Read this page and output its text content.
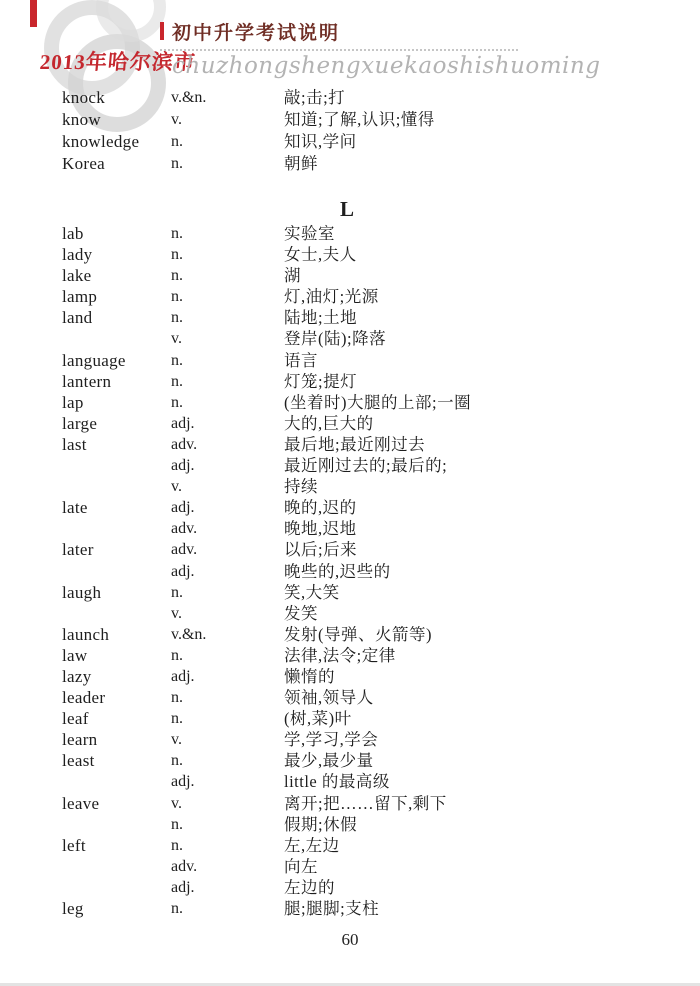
2013年哈尔滨市
初中升学考试说明
chuzhongshengxuekaoshishuoming
knock	v.&n.	敲;击;打
know	v.	知道;了解,认识;懂得
knowledge n.	知识,学问
Korea	n.	朝鲜
L
lab	n.	实验室
lady	n.	女士,夫人
lake	n.	湖
lamp	n.	灯,油灯;光源
land	n.	陆地;土地
v.	登岸(陆);降落
language	n.	语言
lantern	n.	灯笼;提灯
lap	n.	(坐着时)大腿的上部;一圈
large	adj.	大的,巨大的
last	adv.	最后地;最近刚过去
adj.	最近刚过去的;最后的;
v.	持续
late	adj.	晚的,迟的
adv.	晚地,迟地
later	adv.	以后;后来
adj.	晚些的,迟些的
laugh	n.	笑,大笑
v.	发笑
launch	v.&n.	发射(导弹、火箭等)
law	n.	法律,法令;定律
lazy	adj.	懒惰的
leader	n.	领袖,领导人
leaf	n.	(树,菜)叶
learn	v.	学,学习,学会
least	n.	最少,最少量
adj.	little 的最高级
leave	v.	离开;把……留下,剩下
n.	假期;休假
left	n.	左,左边
adv.	向左
adj.	左边的
leg	n.	腿;腿脚;支柱
60
